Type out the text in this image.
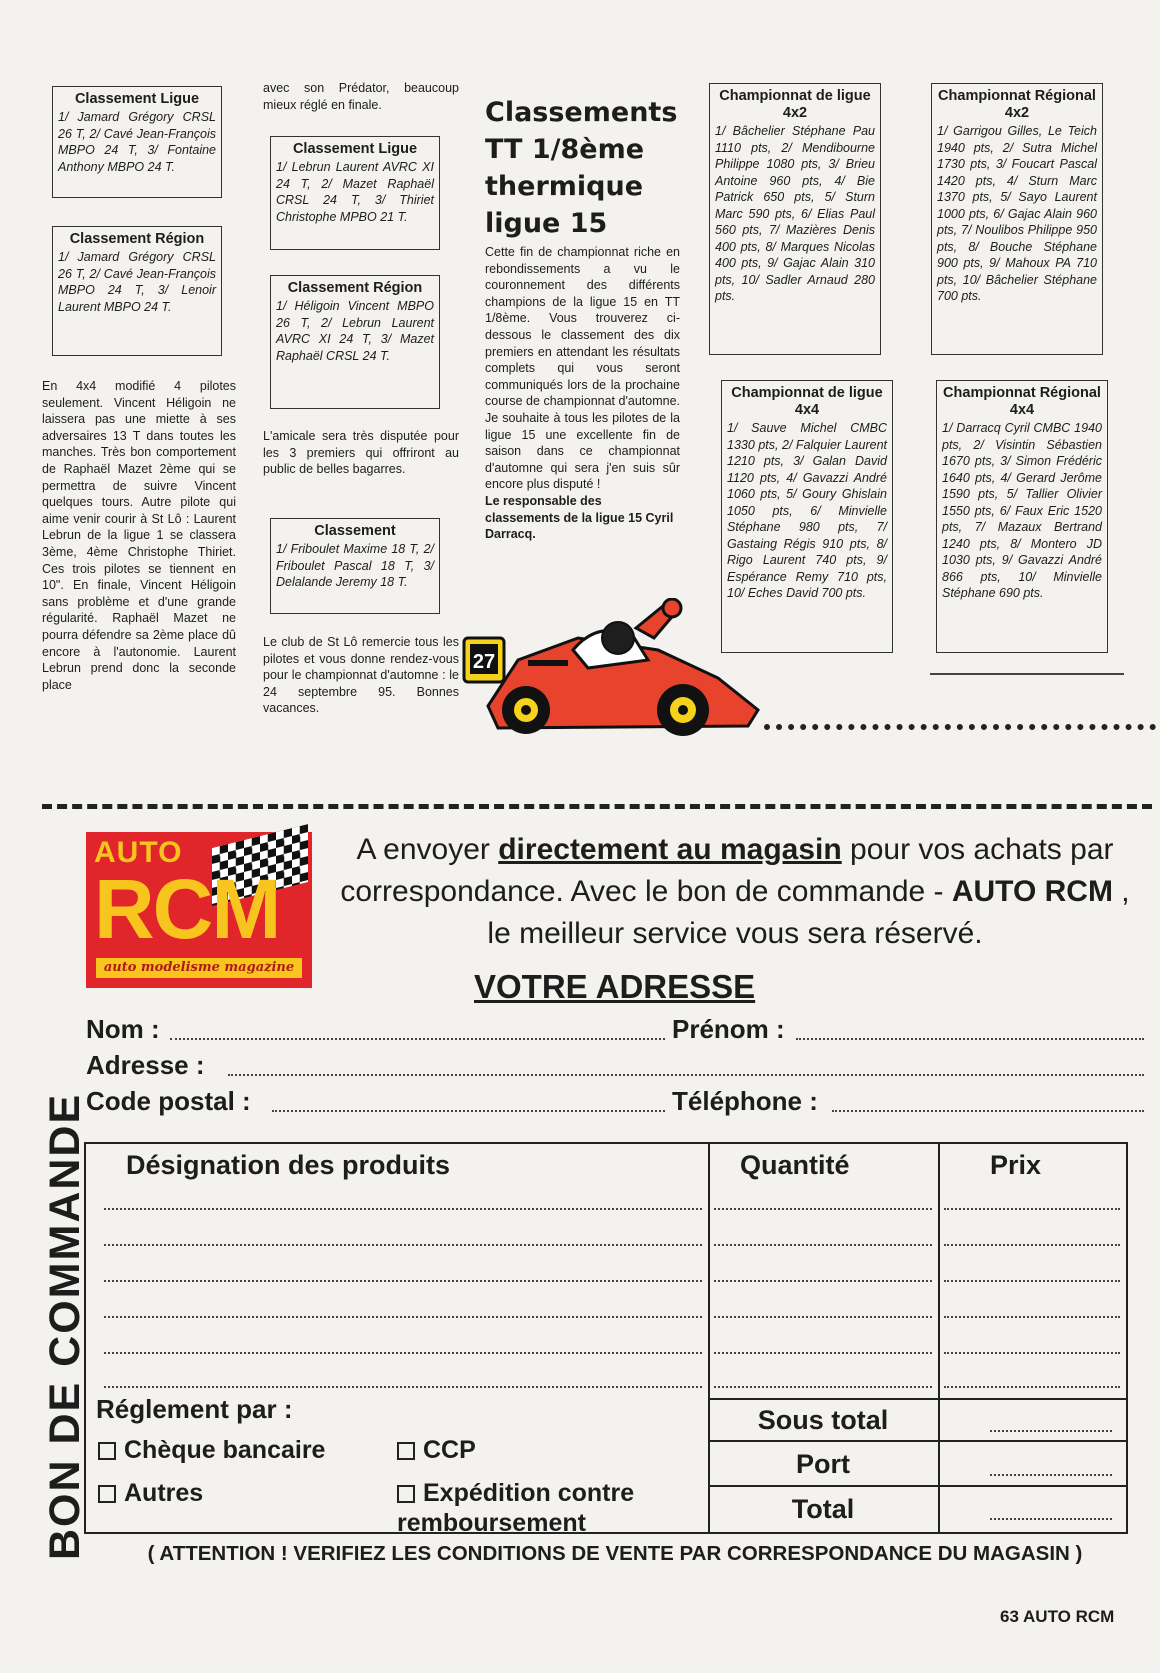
Classement Ligue
1/ Jamard Grégory CRSL 26 T, 2/ Cavé Jean-François MBPO 24 T, 3/ Fontaine Anthony MBPO 24 T.
Classement Région
1/ Jamard Grégory CRSL 26 T, 2/ Cavé Jean-François MBPO 24 T, 3/ Lenoir Laurent MBPO 24 T.

En 4x4 modifié 4 pilotes seulement. Vincent Héligoin ne laissera pas une miette à ses adversaires 13 T dans toutes les manches. Très bon comportement de Raphaël Mazet 2ème qui se permettra de suivre Vincent quelques tours. Autre pilote qui aime venir courir à St Lô : Laurent Lebrun de la ligue 1 se classera 3ème, 4ème Christophe Thiriet. Ces trois pilotes se tiennent en 10". En finale, Vincent Héligoin sans problème et d'une grande régularité. Raphaël Mazet ne pourra défendre sa 2ème place dû encore à l'autonomie. Laurent Lebrun prend donc la seconde place

avec son Prédator, beaucoup mieux réglé en finale.

Classement Ligue
1/ Lebrun Laurent AVRC XI 24 T, 2/ Mazet Raphaël CRSL 24 T, 3/ Thiriet Christophe MPBO 21 T.
Classement Région
1/ Héligoin Vincent MBPO 26 T, 2/ Lebrun Laurent AVRC XI 24 T, 3/ Mazet Raphaël CRSL 24 T.

L'amicale sera très disputée pour les 3 premiers qui offriront au public de belles bagarres.

Classement
1/ Friboulet Maxime 18 T, 2/ Friboulet Pascal 18 T, 3/ Delalande Jeremy 18 T.

Le club de St Lô remercie tous les pilotes et vous donne rendez-vous pour le championnat d'automne : le 24 septembre 95. Bonnes vacances.

Classements TT 1/8ème thermique ligue 15

Cette fin de championnat riche en rebondissements a vu le couronnement des différents champions de la ligue 15 en TT 1/8ème. Vous trouverez ci-dessous le classement des dix premiers en attendant les résultats complets qui vous seront communiqués lors de la prochaine course de championnat d'automne. Je souhaite à tous les pilotes de la ligue 15 une excellente fin de saison dans ce championnat d'automne qui sera j'en suis sûr encore plus disputé !

Le responsable des classements de la ligue 15 Cyril Darracq.

Championnat de ligue 4x2
1/ Bâchelier Stéphane Pau 1110 pts, 2/ Mendibourne Philippe 1080 pts, 3/ Brieu Antoine 960 pts, 4/ Bie Patrick 650 pts, 5/ Sturn Marc 590 pts, 6/ Elias Paul 560 pts, 7/ Mazières Denis 400 pts, 8/ Marques Nicolas 400 pts, 9/ Gajac Alain 310 pts, 10/ Sadler Arnaud 280 pts.
Championnat Régional 4x2
1/ Garrigou Gilles, Le Teich 1940 pts, 2/ Sutra Michel 1730 pts, 3/ Foucart Pascal 1420 pts, 4/ Sturn Marc 1370 pts, 5/ Sayo Laurent 1000 pts, 6/ Gajac Alain 960 pts, 7/ Noulibos Philippe 950 pts, 8/ Bouche Stéphane 900 pts, 9/ Mahoux PA 710 pts, 10/ Bâchelier Stéphane 700 pts.
Championnat de ligue 4x4
1/ Sauve Michel CMBC 1330 pts, 2/ Falquier Laurent 1210 pts, 3/ Galan David 1120 pts, 4/ Gavazzi André 1060 pts, 5/ Goury Ghislain 1050 pts, 6/ Minvielle Stéphane 980 pts, 7/ Gastaing Régis 910 pts, 8/ Rigo Laurent 740 pts, 9/ Espérance Remy 710 pts, 10/ Eches David 700 pts.
Championnat Régional 4x4
1/ Darracq Cyril CMBC 1940 pts, 2/ Visintin Sébastien 1670 pts, 3/ Simon Frédéric 1640 pts, 4/ Gerard Jerôme 1590 pts, 5/ Tallier Olivier 1550 pts, 6/ Faux Eric 1520 pts, 7/ Mazaux Bertrand 1240 pts, 8/ Montero JD 1030 pts, 9/ Gavazzi André 866 pts, 10/ Minvielle Stéphane 690 pts.
27
BON DE COMMANDE
AUTO
RCM
auto modelisme magazine
A envoyer directement au magasin pour vos achats par correspondance. Avec le bon de commande - AUTO RCM , le meilleur service vous sera réservé.
VOTRE ADRESSE
Nom :	Prénom :
Adresse :
Code postal :	Téléphone :
Désignation des produits	Quantité	Prix
Sous total
Port
Total
Réglement par :
Chèque bancaire	CCP
Autres	Expédition contre remboursement
( ATTENTION ! VERIFIEZ LES CONDITIONS DE VENTE PAR CORRESPONDANCE DU MAGASIN )
63 AUTO RCM
